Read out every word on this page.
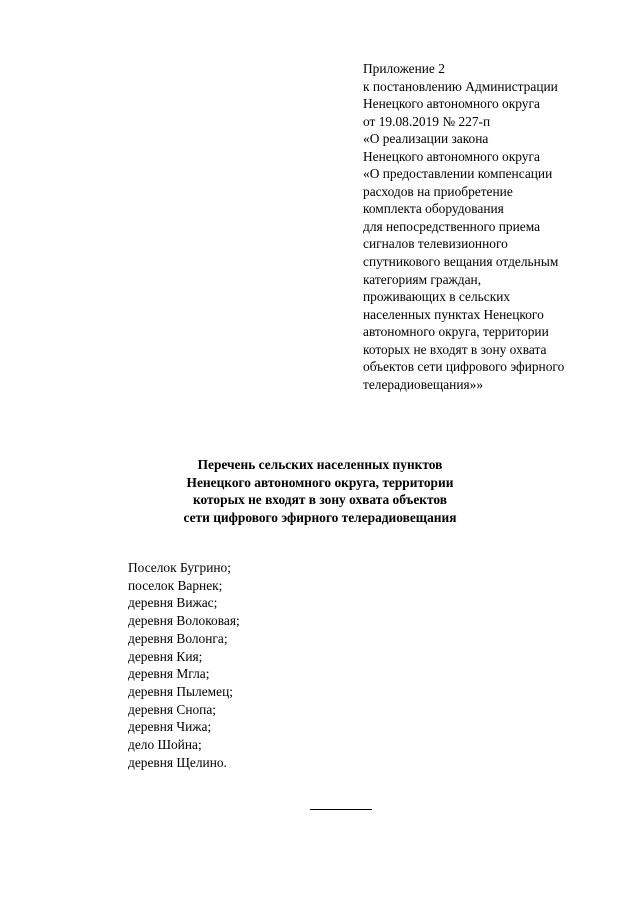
Приложение 2
к постановлению Администрации
Ненецкого автономного округа
от 19.08.2019 № 227-п
«О реализации закона
Ненецкого автономного округа
«О предоставлении компенсации
расходов на приобретение
комплекта оборудования
для непосредственного приема
сигналов телевизионного
спутникового вещания отдельным
категориям граждан,
проживающих в сельских
населенных пунктах Ненецкого
автономного округа, территории
которых не входят в зону охвата
объектов сети цифрового эфирного
телерадиовещания»»
Перечень сельских населенных пунктов
Ненецкого автономного округа, территории
которых не входят в зону охвата объектов
сети цифрового эфирного телерадиовещания
Поселок Бугрино;
поселок Варнек;
деревня Вижас;
деревня Волоковая;
деревня Волонга;
деревня Кия;
деревня Мгла;
деревня Пылемец;
деревня Снопа;
деревня Чижа;
дело Шойна;
деревня Щелино.
